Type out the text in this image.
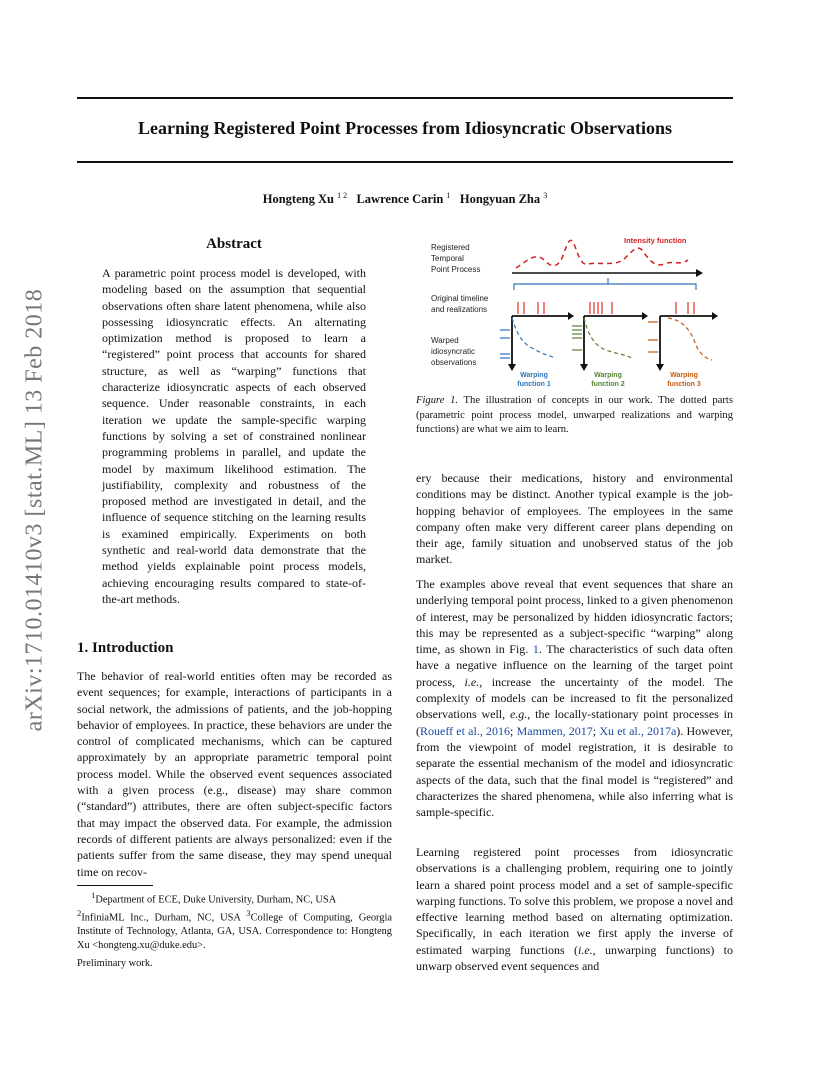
Learning Registered Point Processes from Idiosyncratic Observations
Hongteng Xu $^{1 2}$ Lawrence Carin $^1$ Hongyuan Zha $^3$
arXiv:1710.01410v3 [stat.ML] 13 Feb 2018
Abstract
A parametric point process model is developed, with modeling based on the assumption that sequential observations often share latent phenomena, while also possessing idiosyncratic effects. An alternating optimization method is proposed to learn a “registered” point process that accounts for shared structure, as well as “warping” functions that characterize idiosyncratic aspects of each observed sequence. Under reasonable constraints, in each iteration we update the sample-specific warping functions by solving a set of constrained nonlinear programming problems in parallel, and update the model by maximum likelihood estimation. The justifiability, complexity and robustness of the proposed method are investigated in detail, and the influence of sequence stitching on the learning results is examined empirically. Experiments on both synthetic and real-world data demonstrate that the method yields explainable point process models, achieving encouraging results compared to state-of-the-art methods.
1. Introduction
The behavior of real-world entities often may be recorded as event sequences; for example, interactions of participants in a social network, the admissions of patients, and the job-hopping behavior of employees. In practice, these behaviors are under the control of complicated mechanisms, which can be captured approximately by an appropriate parametric temporal point process model. While the observed event sequences associated with a given process (e.g., disease) may share common (“standard”) attributes, there are often subject-specific factors that may impact the observed data. For example, the admission records of different patients are always personalized: even if the patients suffer from the same disease, they may spend unequal time on recov-

$^1$Department of ECE, Duke University, Durham, NC, USA

$^2$InfiniaML Inc., Durham, NC, USA $^3$College of Computing, Georgia Institute of Technology, Atlanta, GA, USA. Correspondence to: Hongteng Xu <hongteng.xu@duke.edu>.

Preliminary work.
Registered
Temporal
Point Process
Original timeline
and realizations
Warped
idiosyncratic
observations
Intensity function
Warping
function 1
Warping
function 2
Warping
function 3
Figure 1. The illustration of concepts in our work. The dotted parts (parametric point process model, unwarped realizations and warping functions) are what we aim to learn.
ery because their medications, history and environmental conditions may be distinct. Another typical example is the job-hopping behavior of employees. The employees in the same company often make very different career plans depending on their age, family situation and unobserved status of the job market.
The examples above reveal that event sequences that share an underlying temporal point process, linked to a given phenomenon of interest, may be personalized by hidden idiosyncratic factors; this may be represented as a subject-specific “warping” along time, as shown in Fig. 1. The characteristics of such data often have a negative influence on the learning of the target point process, i.e., increase the uncertainty of the model. The complexity of models can be increased to fit the personalized observations well, e.g., the locally-stationary point processes in (Roueff et al., 2016; Mammen, 2017; Xu et al., 2017a). However, from the viewpoint of model registration, it is desirable to separate the essential mechanism of the model and idiosyncratic aspects of the data, such that the final model is “registered” and characterizes the shared phenomena, while also inferring what is sample-specific.
Learning registered point processes from idiosyncratic observations is a challenging problem, requiring one to jointly learn a shared point process model and a set of sample-specific warping functions. To solve this problem, we propose a novel and effective learning method based on alternating optimization. Specifically, in each iteration we first apply the inverse of estimated warping functions (i.e., unwarping functions) to unwarp observed event sequences and
